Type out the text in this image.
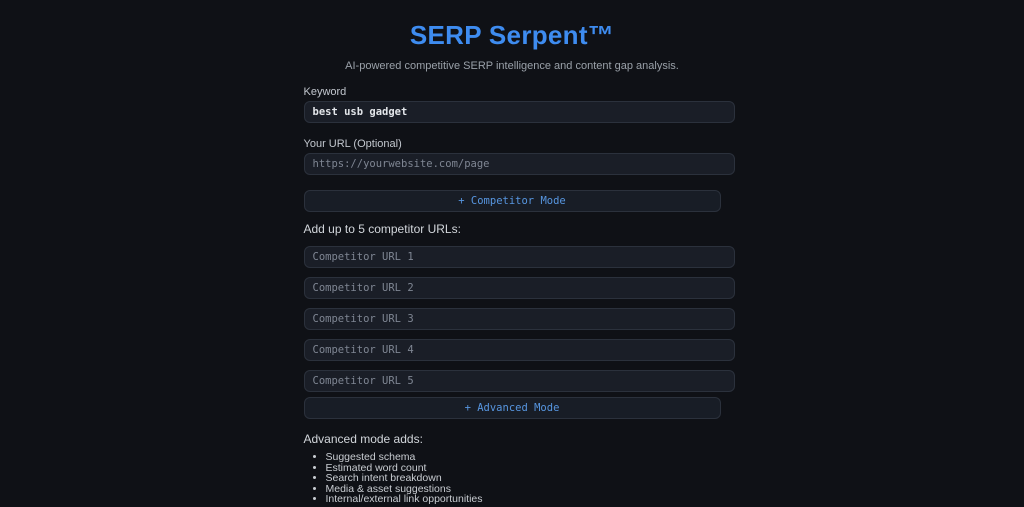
SERP Serpent™

AI-powered competitive SERP intelligence and content gap analysis.

Keyword
best usb gadget
Your URL (Optional)
https://yourwebsite.com/page
+ Competitor Mode
Add up to 5 competitor URLs:
Competitor URL 1
Competitor URL 2
Competitor URL 3
Competitor URL 4
Competitor URL 5
+ Advanced Mode
Advanced mode adds:
• Suggested schema
• Estimated word count
• Search intent breakdown
• Media & asset suggestions
• Internal/external link opportunities
